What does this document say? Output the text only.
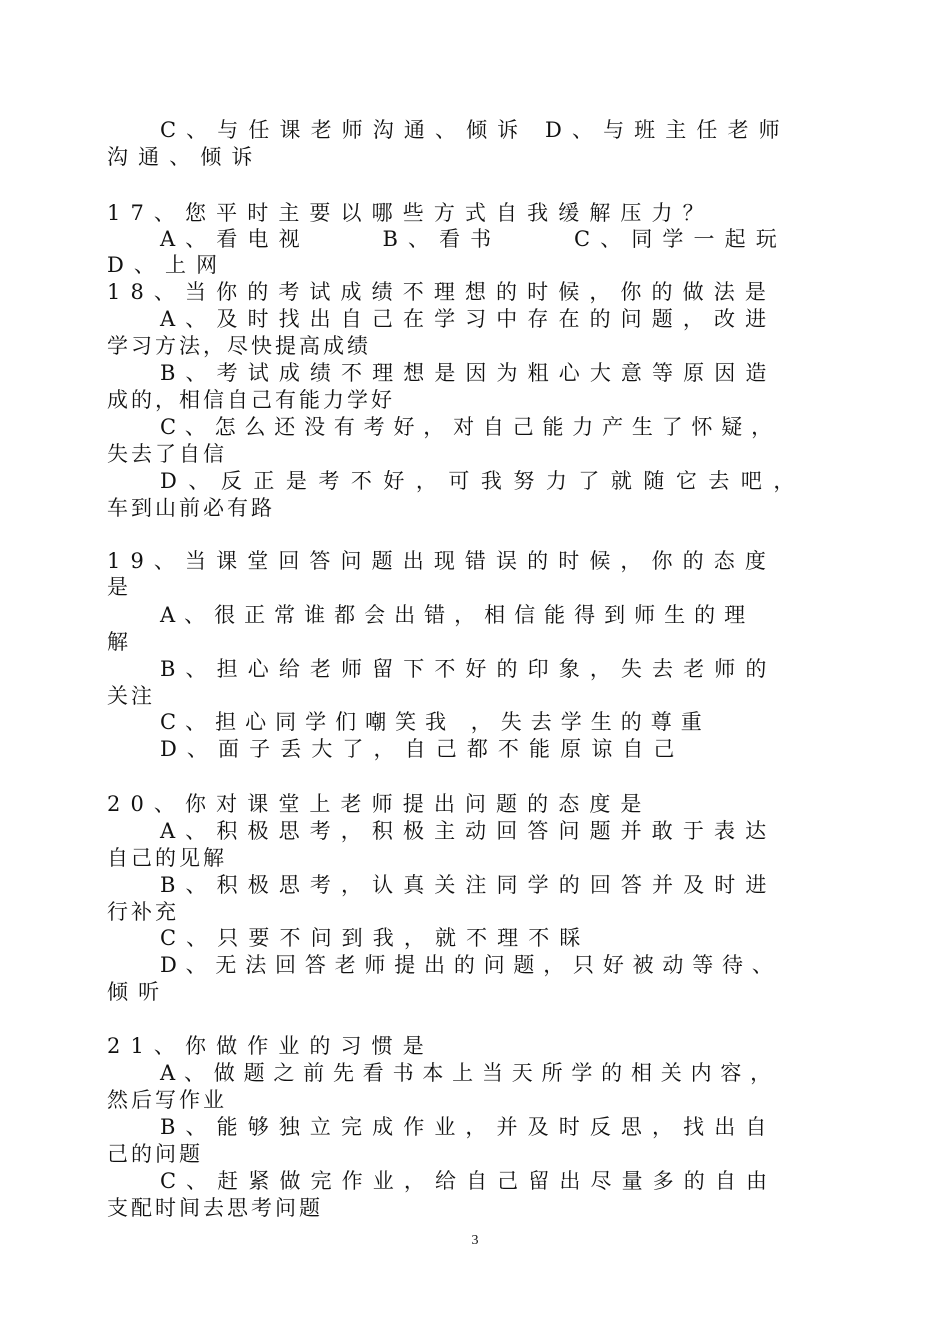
C、与任课老师沟通、倾诉 D、与班主任老师
沟通、倾诉
17、您平时主要以哪些方式自我缓解压力？
A、看电视 B、看书 C、同学一起玩
D、上网
18、当你的考试成绩不理想的时候，你的做法是
A、及时找出自己在学习中存在的问题，改进
学习方法，尽快提高成绩
B、考试成绩不理想是因为粗心大意等原因造
成的，相信自己有能力学好
C、怎么还没有考好，对自己能力产生了怀疑，
失去了自信
D、反正是考不好，可我努力了就随它去吧，
车到山前必有路
19、当课堂回答问题出现错误的时候，你的态度
是
A、很正常谁都会出错，相信能得到师生的理
解
B、担心给老师留下不好的印象，失去老师的
关注
C、担心同学们嘲笑我 ，失去学生的尊重
D、面子丢大了，自己都不能原谅自己
20、你对课堂上老师提出问题的态度是
A、积极思考，积极主动回答问题并敢于表达
自己的见解
B、积极思考，认真关注同学的回答并及时进
行补充
C、只要不问到我，就不理不睬
D、无法回答老师提出的问题，只好被动等待、
倾听
21、你做作业的习惯是
A、做题之前先看书本上当天所学的相关内容，
然后写作业
B、能够独立完成作业，并及时反思，找出自
己的问题
C、赶紧做完作业，给自己留出尽量多的自由
支配时间去思考问题
3
